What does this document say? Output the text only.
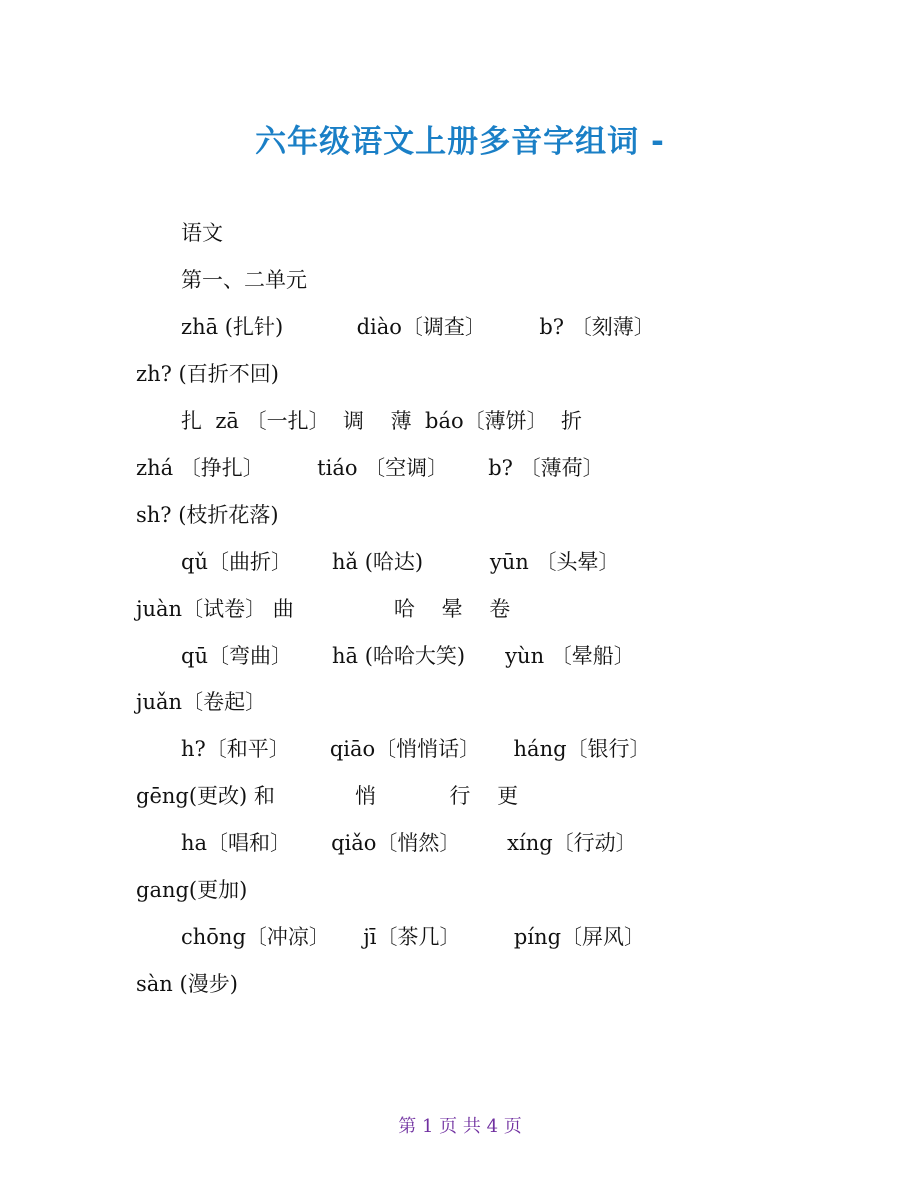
六年级语文上册多音字组词 -
语文
第一、二单元
zhā (扎针)           diào〔调查〕        b? 〔刻薄〕
zh? (百折不回)
扎  zā 〔一扎〕  调    薄  báo〔薄饼〕  折
zhá 〔挣扎〕        tiáo 〔空调〕      b? 〔薄荷〕
sh? (枝折花落)
qǔ〔曲折〕      hǎ (哈达)          yūn 〔头晕〕
juàn〔试卷〕 曲               哈    晕    卷
qū〔弯曲〕      hā (哈哈大笑)      yùn 〔晕船〕
juǎn〔卷起〕
h?〔和平〕      qiāo〔悄悄话〕     háng〔银行〕
gēng(更改) 和            悄           行    更
ha〔唱和〕      qiǎo〔悄然〕       xíng〔行动〕
gang(更加)
chōng〔冲凉〕     jī〔茶几〕        píng〔屏风〕
sàn (漫步)
第 1 页 共 4 页
